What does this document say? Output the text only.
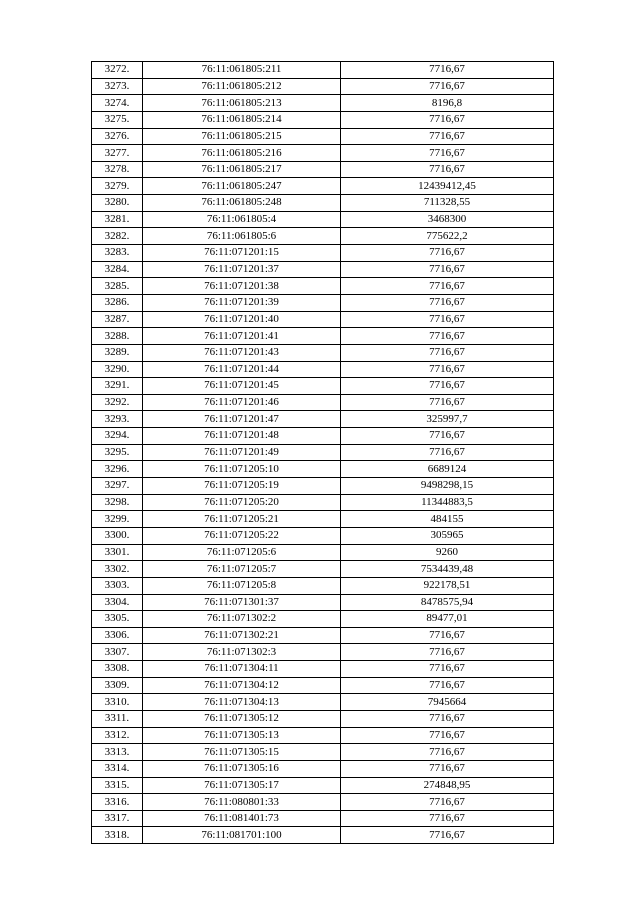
3272.	76:11:061805:211	7716,67
3273.	76:11:061805:212	7716,67
3274.	76:11:061805:213	8196,8
3275.	76:11:061805:214	7716,67
3276.	76:11:061805:215	7716,67
3277.	76:11:061805:216	7716,67
3278.	76:11:061805:217	7716,67
3279.	76:11:061805:247	12439412,45
3280.	76:11:061805:248	711328,55
3281.	76:11:061805:4	3468300
3282.	76:11:061805:6	775622,2
3283.	76:11:071201:15	7716,67
3284.	76:11:071201:37	7716,67
3285.	76:11:071201:38	7716,67
3286.	76:11:071201:39	7716,67
3287.	76:11:071201:40	7716,67
3288.	76:11:071201:41	7716,67
3289.	76:11:071201:43	7716,67
3290.	76:11:071201:44	7716,67
3291.	76:11:071201:45	7716,67
3292.	76:11:071201:46	7716,67
3293.	76:11:071201:47	325997,7
3294.	76:11:071201:48	7716,67
3295.	76:11:071201:49	7716,67
3296.	76:11:071205:10	6689124
3297.	76:11:071205:19	9498298,15
3298.	76:11:071205:20	11344883,5
3299.	76:11:071205:21	484155
3300.	76:11:071205:22	305965
3301.	76:11:071205:6	9260
3302.	76:11:071205:7	7534439,48
3303.	76:11:071205:8	922178,51
3304.	76:11:071301:37	8478575,94
3305.	76:11:071302:2	89477,01
3306.	76:11:071302:21	7716,67
3307.	76:11:071302:3	7716,67
3308.	76:11:071304:11	7716,67
3309.	76:11:071304:12	7716,67
3310.	76:11:071304:13	7945664
3311.	76:11:071305:12	7716,67
3312.	76:11:071305:13	7716,67
3313.	76:11:071305:15	7716,67
3314.	76:11:071305:16	7716,67
3315.	76:11:071305:17	274848,95
3316.	76:11:080801:33	7716,67
3317.	76:11:081401:73	7716,67
3318.	76:11:081701:100	7716,67
